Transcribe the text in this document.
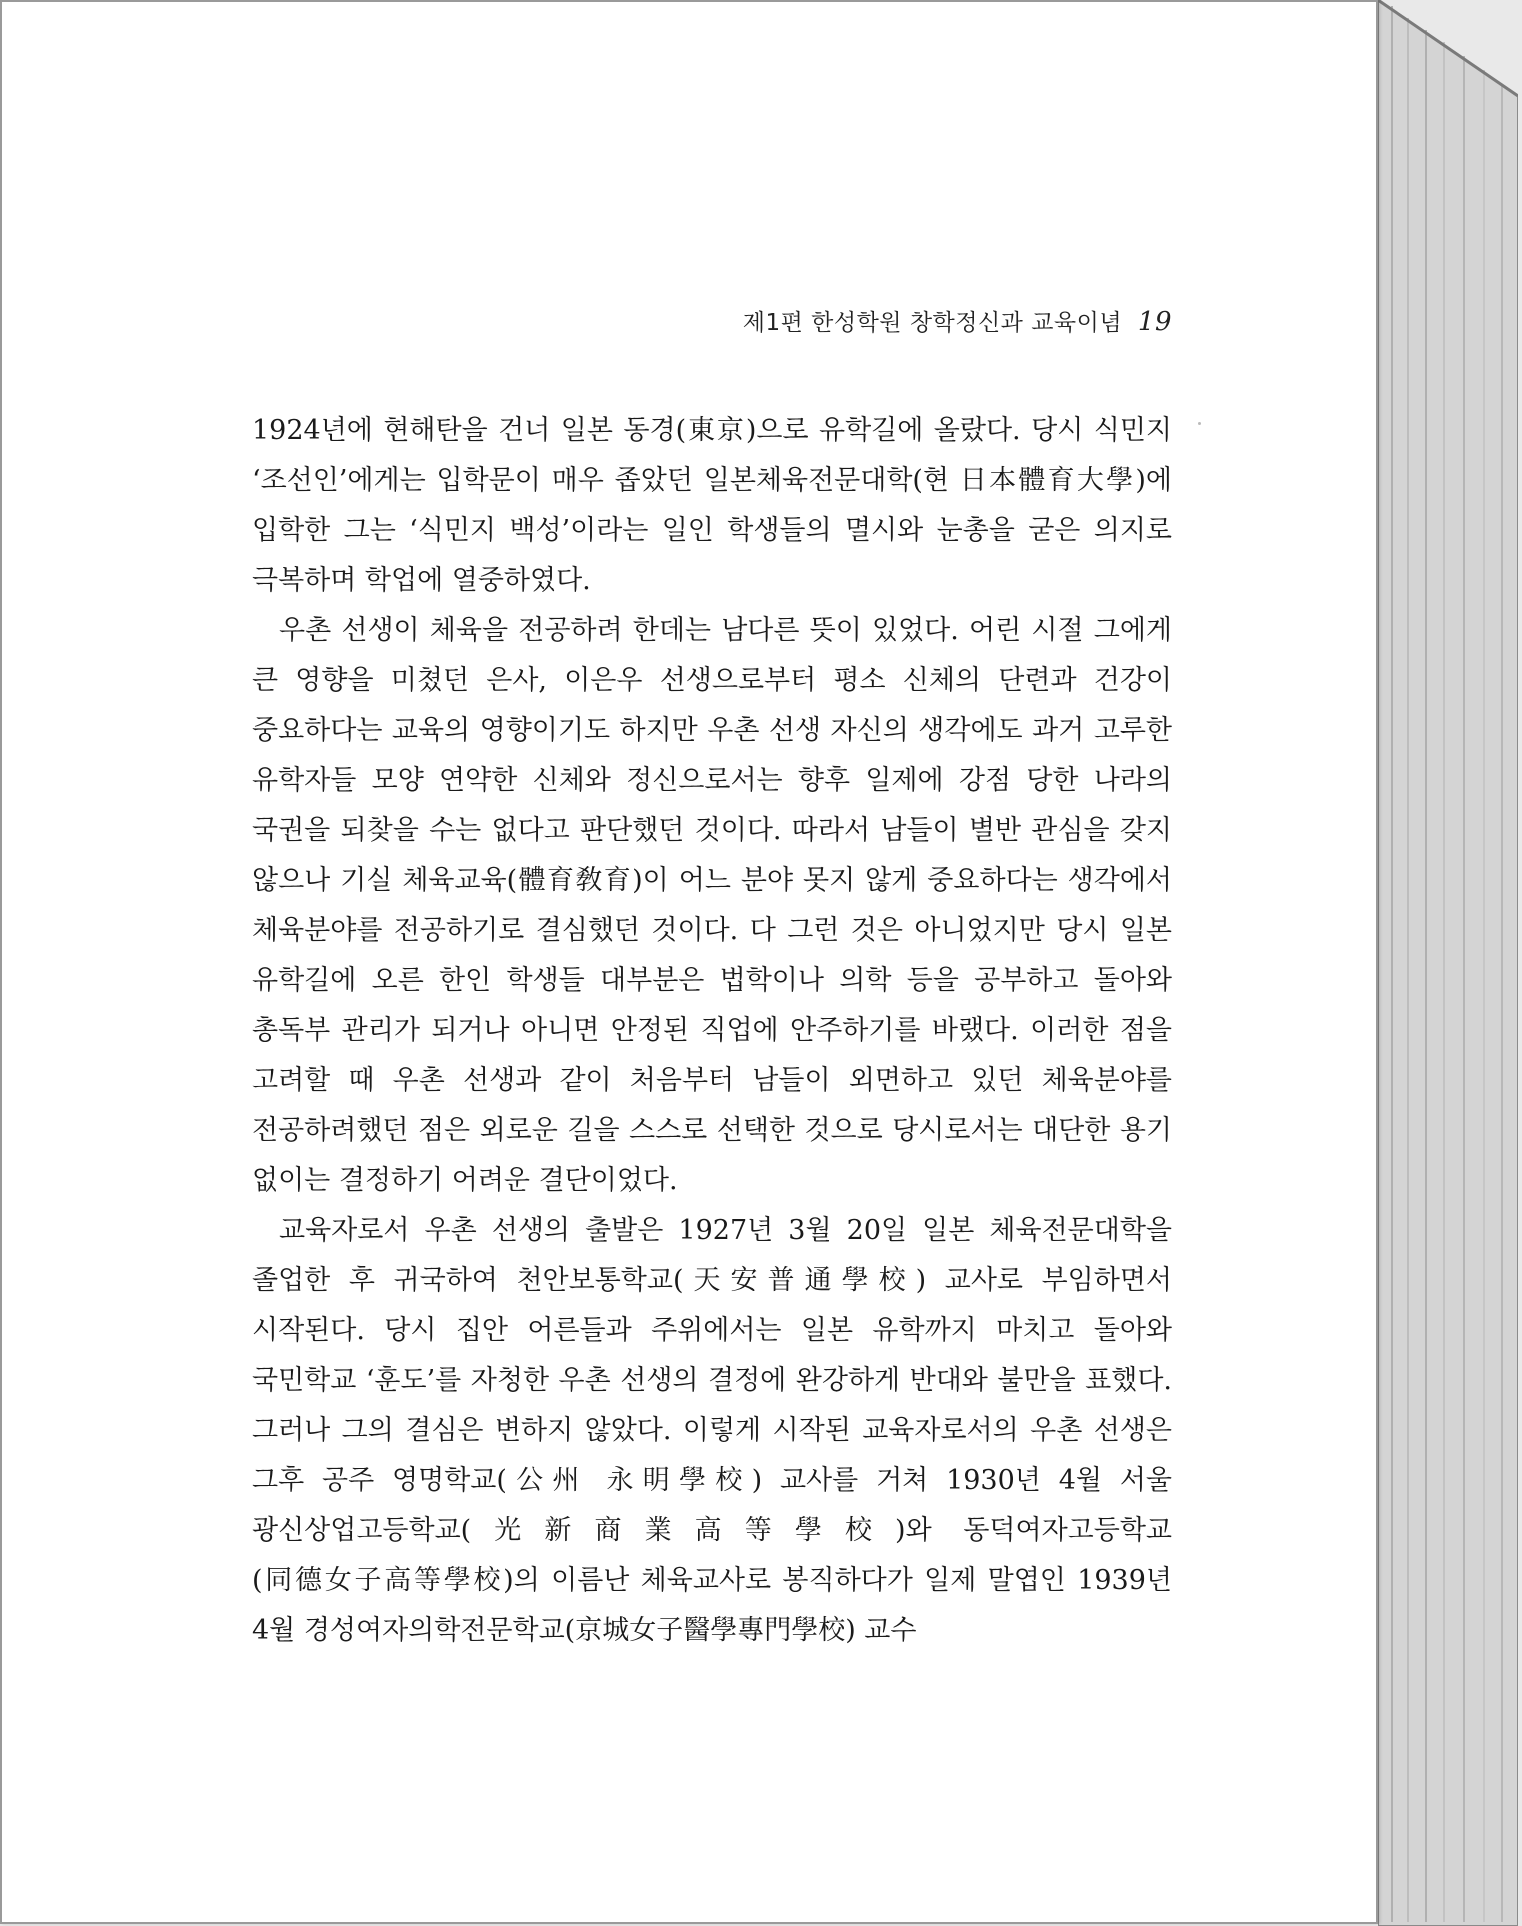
제1편 한성학원 창학정신과 교육이념 19

1924년에 현해탄을 건너 일본 동경(東京)으로 유학길에 올랐다. 당시 식민지 ‘조선인’에게는 입학문이 매우 좁았던 일본체육전문대학(현 日本體育大學)에 입학한 그는 ‘식민지 백성’이라는 일인 학생들의 멸시와 눈총을 굳은 의지로 극복하며 학업에 열중하였다.

우촌 선생이 체육을 전공하려 한데는 남다른 뜻이 있었다. 어린 시절 그에게 큰 영향을 미쳤던 은사, 이은우 선생으로부터 평소 신체의 단련과 건강이 중요하다는 교육의 영향이기도 하지만 우촌 선생 자신의 생각에도 과거 고루한 유학자들 모양 연약한 신체와 정신으로서는 향후 일제에 강점 당한 나라의 국권을 되찾을 수는 없다고 판단했던 것이다. 따라서 남들이 별반 관심을 갖지 않으나 기실 체육교육(體育敎育)이 어느 분야 못지 않게 중요하다는 생각에서 체육분야를 전공하기로 결심했던 것이다. 다 그런 것은 아니었지만 당시 일본 유학길에 오른 한인 학생들 대부분은 법학이나 의학 등을 공부하고 돌아와 총독부 관리가 되거나 아니면 안정된 직업에 안주하기를 바랬다. 이러한 점을 고려할 때 우촌 선생과 같이 처음부터 남들이 외면하고 있던 체육분야를 전공하려했던 점은 외로운 길을 스스로 선택한 것으로 당시로서는 대단한 용기 없이는 결정하기 어려운 결단이었다.

교육자로서 우촌 선생의 출발은 1927년 3월 20일 일본 체육전문대학을 졸업한 후 귀국하여 천안보통학교(天安普通學校) 교사로 부임하면서 시작된다. 당시 집안 어른들과 주위에서는 일본 유학까지 마치고 돌아와 국민학교 ‘훈도’를 자청한 우촌 선생의 결정에 완강하게 반대와 불만을 표했다. 그러나 그의 결심은 변하지 않았다. 이렇게 시작된 교육자로서의 우촌 선생은 그후 공주 영명학교(公州 永明學校) 교사를 거쳐 1930년 4월 서울 광신상업고등학교(光新商業高等學校)와 동덕여자고등학교(同德女子高等學校)의 이름난 체육교사로 봉직하다가 일제 말엽인 1939년 4월 경성여자의학전문학교(京城女子醫學專門學校) 교수
